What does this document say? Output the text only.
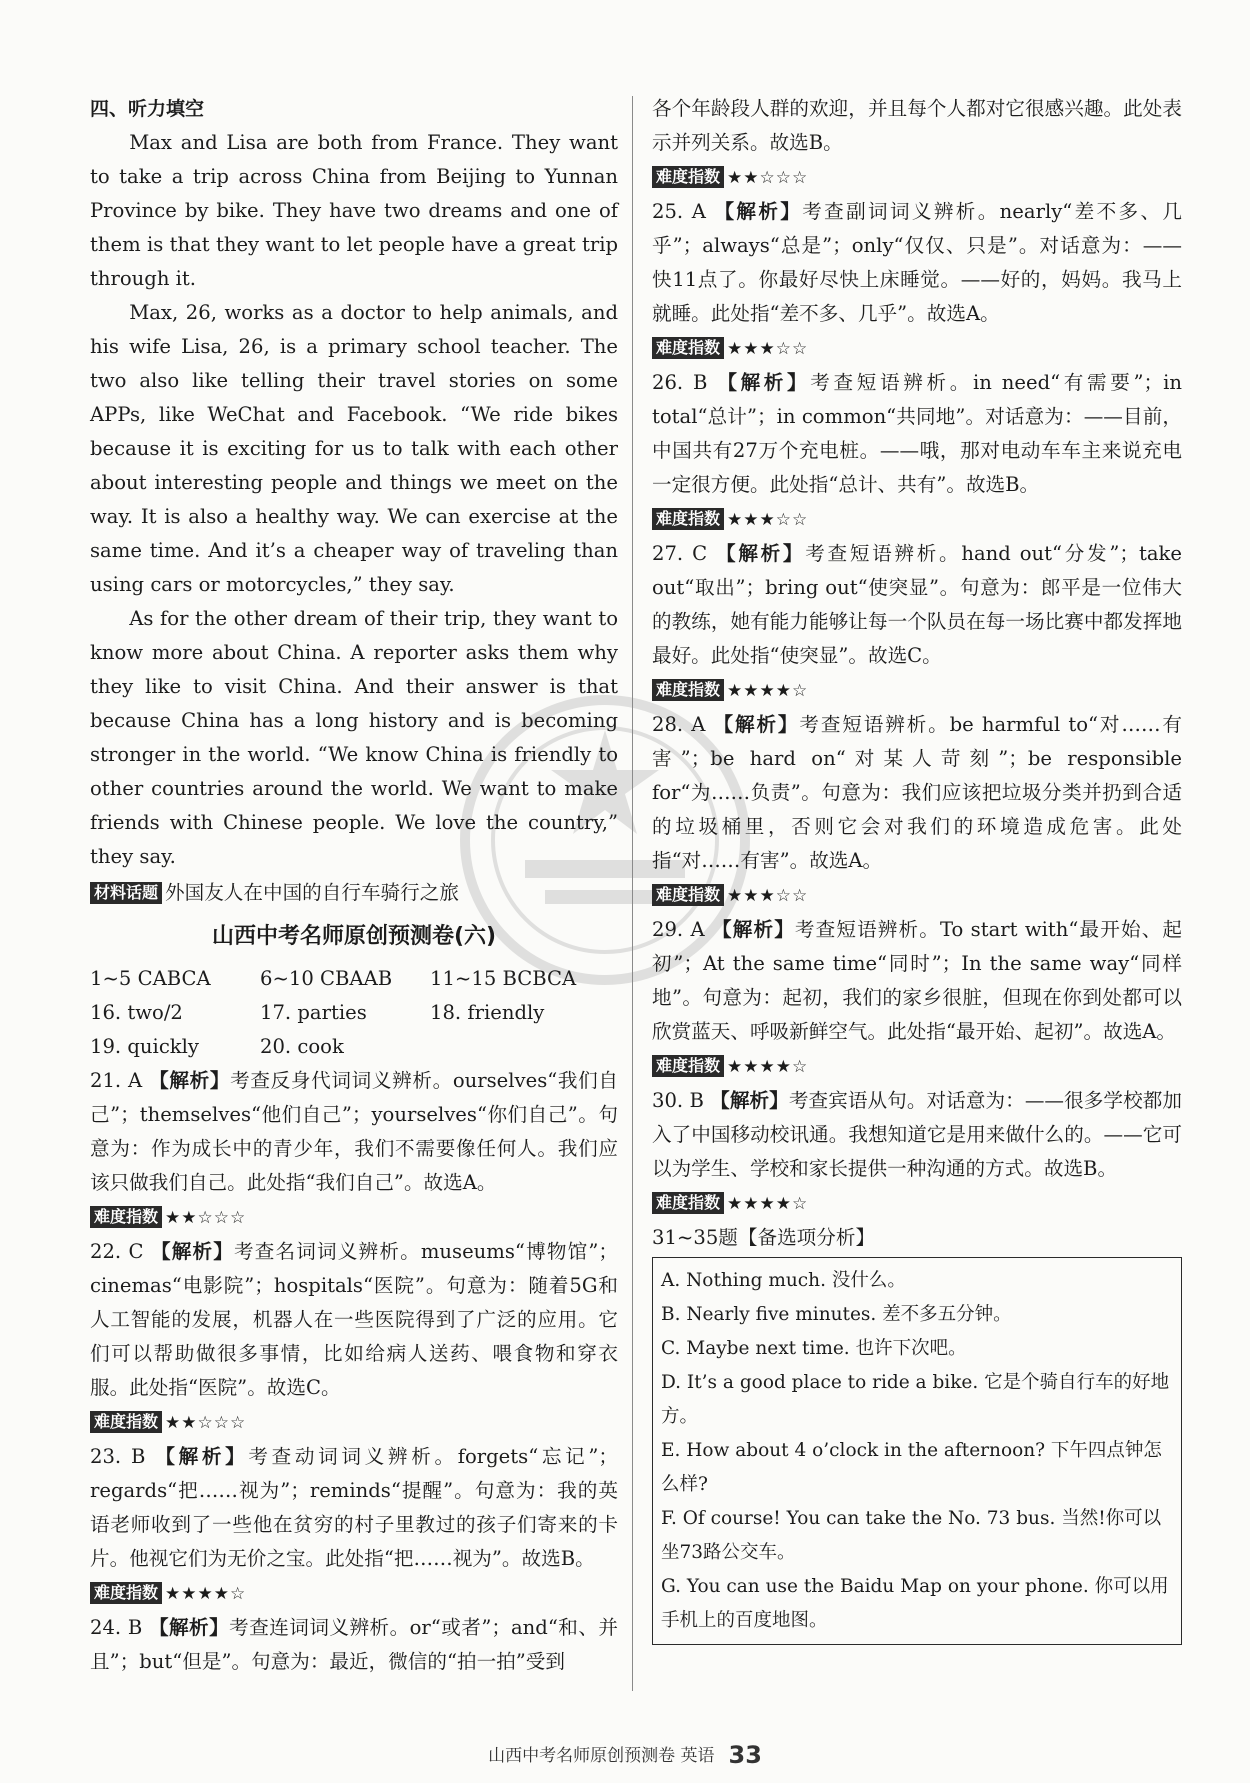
四、听力填空

Max and Lisa are both from France. They want to take a trip across China from Beijing to Yunnan Province by bike. They have two dreams and one of them is that they want to let people have a great trip through it.

Max, 26, works as a doctor to help animals, and his wife Lisa, 26, is a primary school teacher. The two also like telling their travel stories on some APPs, like WeChat and Facebook. “We ride bikes because it is exciting for us to talk with each other about interesting people and things we meet on the way. It is also a healthy way. We can exercise at the same time. And it’s a cheaper way of traveling than using cars or motorcycles,” they say.

As for the other dream of their trip, they want to know more about China. A reporter asks them why they like to visit China. And their answer is that because China has a long history and is becoming stronger in the world. “We know China is friendly to other countries around the world. We want to make friends with Chinese people. We love the country,” they say.

材料话题 外国友人在中国的自行车骑行之旅
山西中考名师原创预测卷(六)
1~5 CABCA	6~10 CBAAB	11~15 BCBCA
16. two/2	17. parties	18. friendly
19. quickly	20. cook

21. A 【解析】考查反身代词词义辨析。ourselves“我们自己”；themselves“他们自己”；yourselves“你们自己”。句意为：作为成长中的青少年，我们不需要像任何人。我们应该只做我们自己。此处指“我们自己”。故选A。

难度指数 ★★☆☆☆

22. C 【解析】考查名词词义辨析。museums“博物馆”；cinemas“电影院”；hospitals“医院”。句意为：随着5G和人工智能的发展，机器人在一些医院得到了广泛的应用。它们可以帮助做很多事情，比如给病人送药、喂食物和穿衣服。此处指“医院”。故选C。

难度指数 ★★☆☆☆

23. B 【解析】考查动词词义辨析。forgets“忘记”；regards“把……视为”；reminds“提醒”。句意为：我的英语老师收到了一些他在贫穷的村子里教过的孩子们寄来的卡片。他视它们为无价之宝。此处指“把……视为”。故选B。

难度指数 ★★★★☆

24. B 【解析】考查连词词义辨析。or“或者”；and“和、并且”；but“但是”。句意为：最近，微信的“拍一拍”受到

各个年龄段人群的欢迎，并且每个人都对它很感兴趣。此处表示并列关系。故选B。

难度指数 ★★☆☆☆

25. A 【解析】考查副词词义辨析。nearly“差不多、几乎”；always“总是”；only“仅仅、只是”。对话意为：——快11点了。你最好尽快上床睡觉。——好的，妈妈。我马上就睡。此处指“差不多、几乎”。故选A。

难度指数 ★★★☆☆

26. B 【解析】考查短语辨析。in need“有需要”；in total“总计”；in common“共同地”。对话意为：——目前，中国共有27万个充电桩。——哦，那对电动车车主来说充电一定很方便。此处指“总计、共有”。故选B。

难度指数 ★★★☆☆

27. C 【解析】考查短语辨析。hand out“分发”；take out“取出”；bring out“使突显”。句意为：郎平是一位伟大的教练，她有能力能够让每一个队员在每一场比赛中都发挥地最好。此处指“使突显”。故选C。

难度指数 ★★★★☆

28. A 【解析】考查短语辨析。be harmful to“对……有害”；be hard on“对某人苛刻”；be responsible for“为……负责”。句意为：我们应该把垃圾分类并扔到合适的垃圾桶里，否则它会对我们的环境造成危害。此处指“对……有害”。故选A。

难度指数 ★★★☆☆

29. A 【解析】考查短语辨析。To start with“最开始、起初”；At the same time“同时”；In the same way“同样地”。句意为：起初，我们的家乡很脏，但现在你到处都可以欣赏蓝天、呼吸新鲜空气。此处指“最开始、起初”。故选A。

难度指数 ★★★★☆

30. B 【解析】考查宾语从句。对话意为：——很多学校都加入了中国移动校讯通。我想知道它是用来做什么的。——它可以为学生、学校和家长提供一种沟通的方式。故选B。

难度指数 ★★★★☆

31~35题【备选项分析】
A. Nothing much. 没什么。
B. Nearly five minutes. 差不多五分钟。
C. Maybe next time. 也许下次吧。
D. It’s a good place to ride a bike. 它是个骑自行车的好地方。
E. How about 4 o’clock in the afternoon? 下午四点钟怎么样?
F. Of course! You can take the No. 73 bus. 当然!你可以坐73路公交车。
G. You can use the Baidu Map on your phone. 你可以用手机上的百度地图。
山西中考名师原创预测卷 英语 33
